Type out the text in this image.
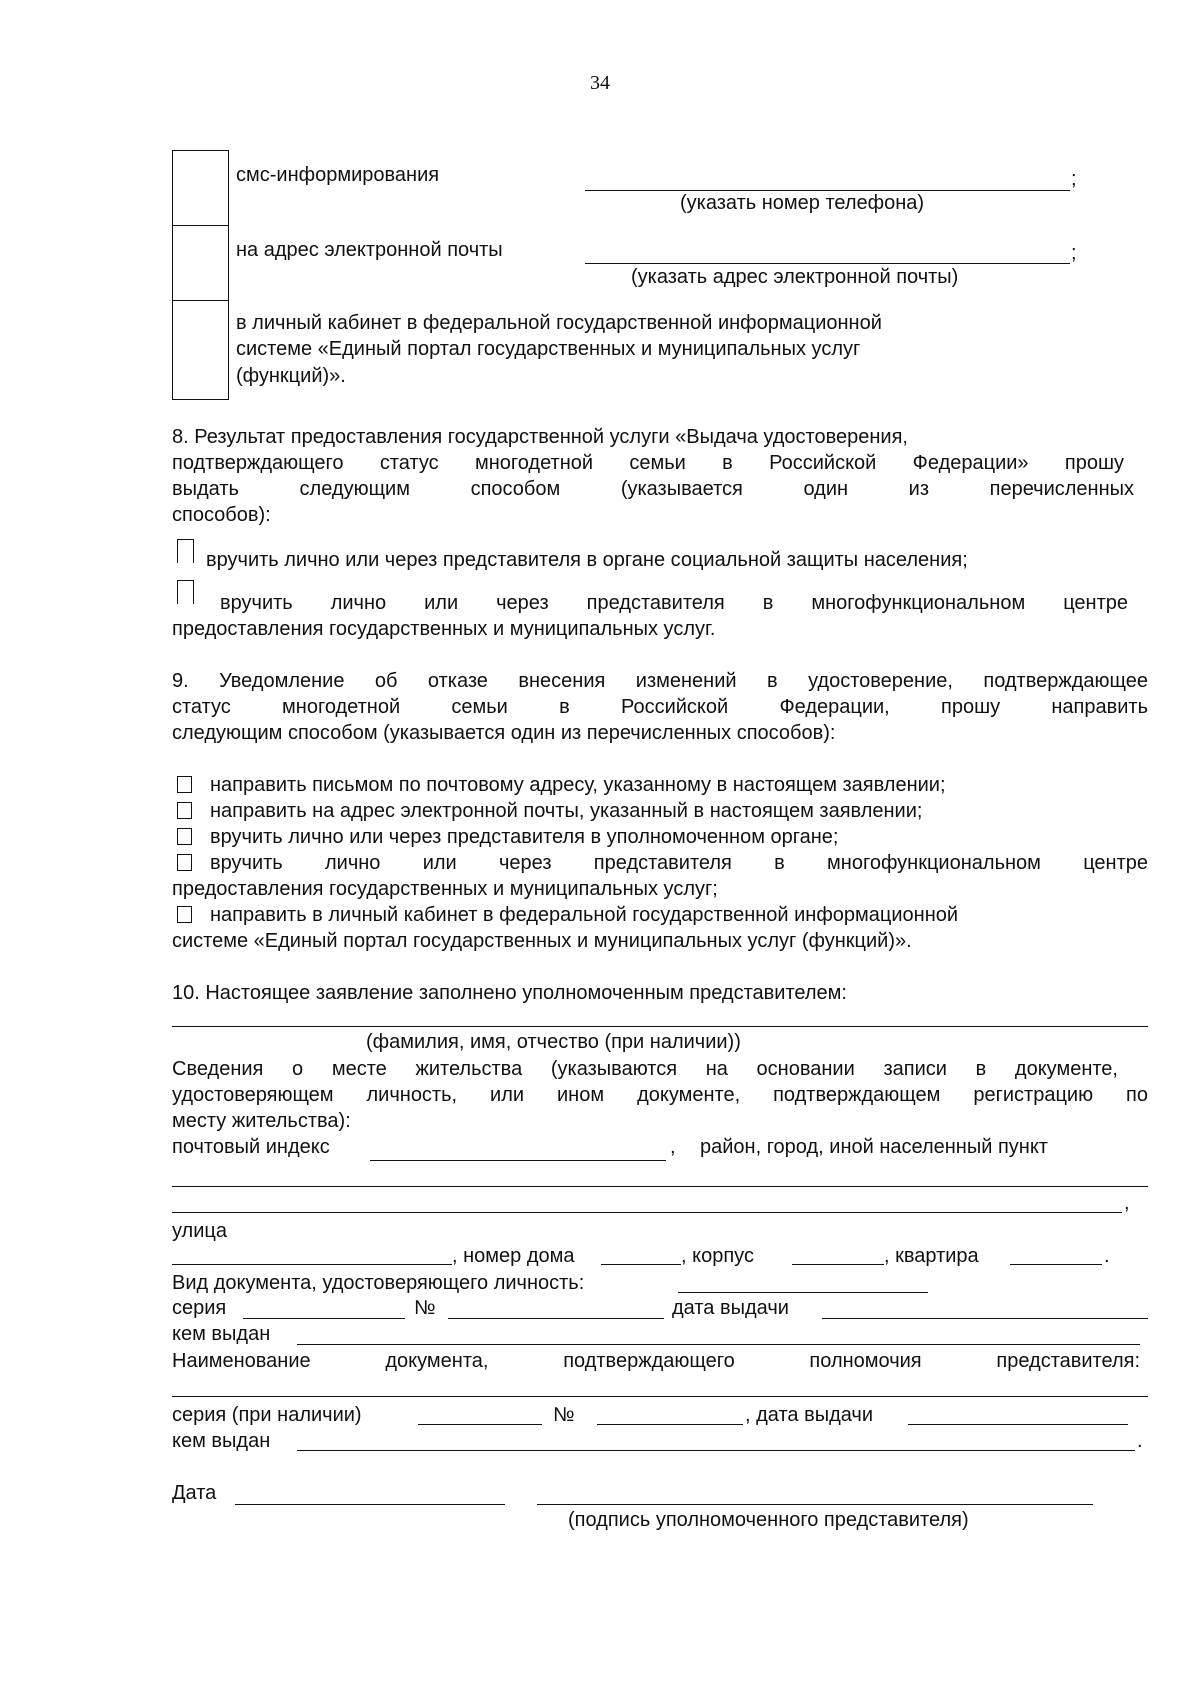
34
смс-информирования	;
(указать номер телефона)
на адрес электронной почты	;
(указать адрес электронной почты)
в личный кабинет в федеральной государственной информационной
системе «Единый портал государственных и муниципальных услуг
(функций)».
8. Результат предоставления государственной услуги «Выдача удостоверения,
подтверждающего статус многодетной семьи в Российской Федерации» прошу
выдать следующим способом (указывается один из перечисленных
способов):
вручить лично или через представителя в органе социальной защиты населения;
вручить лично или через представителя в многофункциональном центре
предоставления государственных и муниципальных услуг.
9. Уведомление об отказе внесения изменений в удостоверение, подтверждающее
статус многодетной семьи в Российской Федерации, прошу направить
следующим способом (указывается один из перечисленных способов):
направить письмом по почтовому адресу, указанному в настоящем заявлении;
направить на адрес электронной почты, указанный в настоящем заявлении;
вручить лично или через представителя в уполномоченном органе;
вручить лично или через представителя в многофункциональном центре
предоставления государственных и муниципальных услуг;
направить в личный кабинет в федеральной государственной информационной
системе «Единый портал государственных и муниципальных услуг (функций)».
10. Настоящее заявление заполнено уполномоченным представителем:
(фамилия, имя, отчество (при наличии))
Сведения о месте жительства (указываются на основании записи в документе,
удостоверяющем личность, или ином документе, подтверждающем регистрацию по
месту жительства):
почтовый индекс	, район, город, иной населенный пункт
,
улица
, номер дома	, корпус	, квартира	.
Вид документа, удостоверяющего личность:
серия	№	дата выдачи
кем выдан
Наименование документа, подтверждающего полномочия представителя:
серия (при наличии)	№	, дата выдачи
кем выдан	.
Дата
(подпись уполномоченного представителя)
